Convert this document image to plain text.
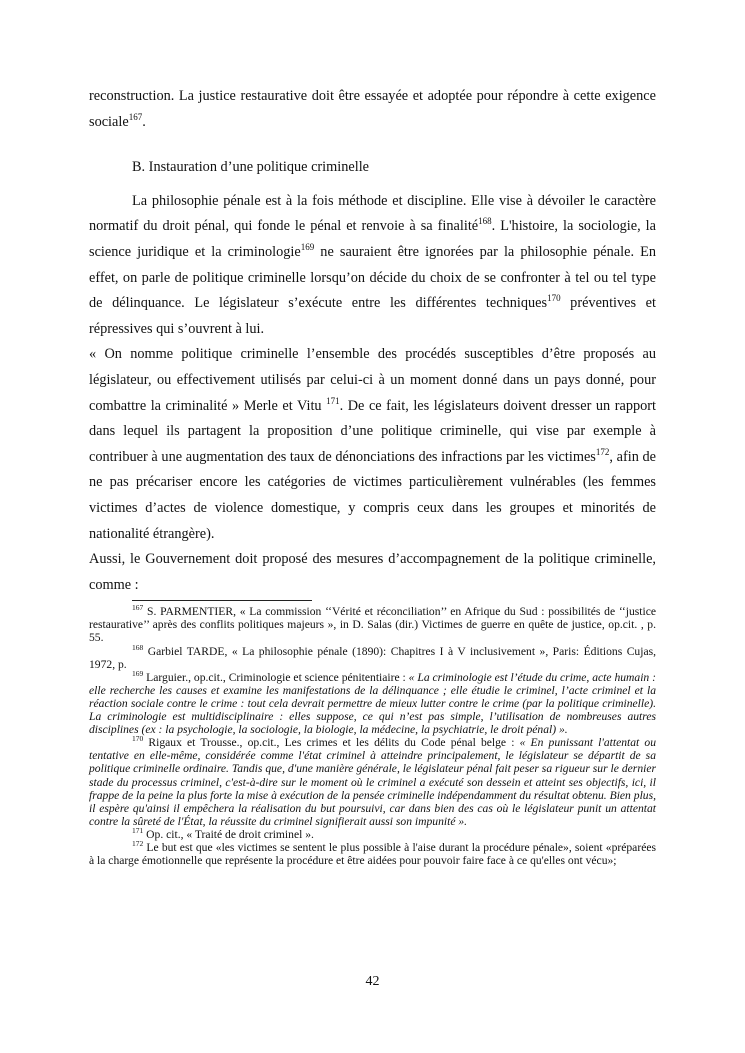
reconstruction. La justice restaurative doit être essayée et adoptée pour répondre à cette exigence sociale$^{167}$.

B. Instauration d’une politique criminelle

La philosophie pénale est à la fois méthode et discipline. Elle vise à dévoiler le caractère normatif du droit pénal, qui fonde le pénal et renvoie à sa finalité$^{168}$. L'histoire, la sociologie, la science juridique et la criminologie$^{169}$ ne sauraient être ignorées par la philosophie pénale. En effet, on parle de politique criminelle lorsqu’on décide du choix de se confronter à tel ou tel type de délinquance. Le législateur s’exécute entre les différentes techniques$^{170}$ préventives et répressives qui s’ouvrent à lui.

« On nomme politique criminelle l’ensemble des procédés susceptibles d’être proposés au législateur, ou effectivement utilisés par celui-ci à un moment donné dans un pays donné, pour combattre la criminalité » Merle et Vitu $^{171}$. De ce fait, les législateurs doivent dresser un rapport dans lequel ils partagent la proposition d’une politique criminelle, qui vise par exemple à contribuer à une augmentation des taux de dénonciations des infractions par les victimes$^{172}$, afin de ne pas précariser encore les catégories de victimes particulièrement vulnérables (les femmes victimes d’actes de violence domestique, y compris ceux dans les groupes et minorités de nationalité étrangère).

Aussi, le Gouvernement doit proposé des mesures d’accompagnement de la politique criminelle, comme :

$^{167}$ S. PARMENTIER, « La commission ‘‘Vérité et réconciliation’’ en Afrique du Sud : possibilités de ‘‘justice restaurative’’ après des conflits politiques majeurs », in D. Salas (dir.) Victimes de guerre en quête de justice, op.cit. , p. 55.

$^{168}$ Garbiel TARDE, « La philosophie pénale (1890): Chapitres I à V inclusivement », Paris: Éditions Cujas, 1972, p.

$^{169}$ Larguier., op.cit., Criminologie et science pénitentiaire : « La criminologie est l’étude du crime, acte humain : elle recherche les causes et examine les manifestations de la délinquance ; elle étudie le criminel, l’acte criminel et la réaction sociale contre le crime : tout cela devrait permettre de mieux lutter contre le crime (par la politique criminelle). La criminologie est multidisciplinaire : elles suppose, ce qui n’est pas simple, l’utilisation de nombreuses autres disciplines (ex : la psychologie, la sociologie, la biologie, la médecine, la psychiatrie, le droit pénal) ».

$^{170}$ Rigaux et Trousse., op.cit., Les crimes et les délits du Code pénal belge : « En punissant l'attentat ou tentative en elle-même, considérée comme l'état criminel à atteindre principalement, le législateur se départit de sa politique criminelle ordinaire. Tandis que, d'une manière générale, le législateur pénal fait peser sa rigueur sur le dernier stade du processus criminel, c'est-à-dire sur le moment où le criminel a exécuté son dessein et atteint ses objectifs, ici, il frappe de la peine la plus forte la mise à exécution de la pensée criminelle indépendamment du résultat obtenu. Bien plus, il espère qu'ainsi il empêchera la réalisation du but poursuivi, car dans bien des cas où le législateur punit un attentat contre la sûreté de l'État, la réussite du criminel signifierait aussi son impunité ».

$^{171}$ Op. cit., « Traité de droit criminel ».

$^{172}$ Le but est que «les victimes se sentent le plus possible à l'aise durant la procédure pénale», soient «préparées à la charge émotionnelle que représente la procédure et être aidées pour pouvoir faire face à ce qu'elles ont vécu»;

42
